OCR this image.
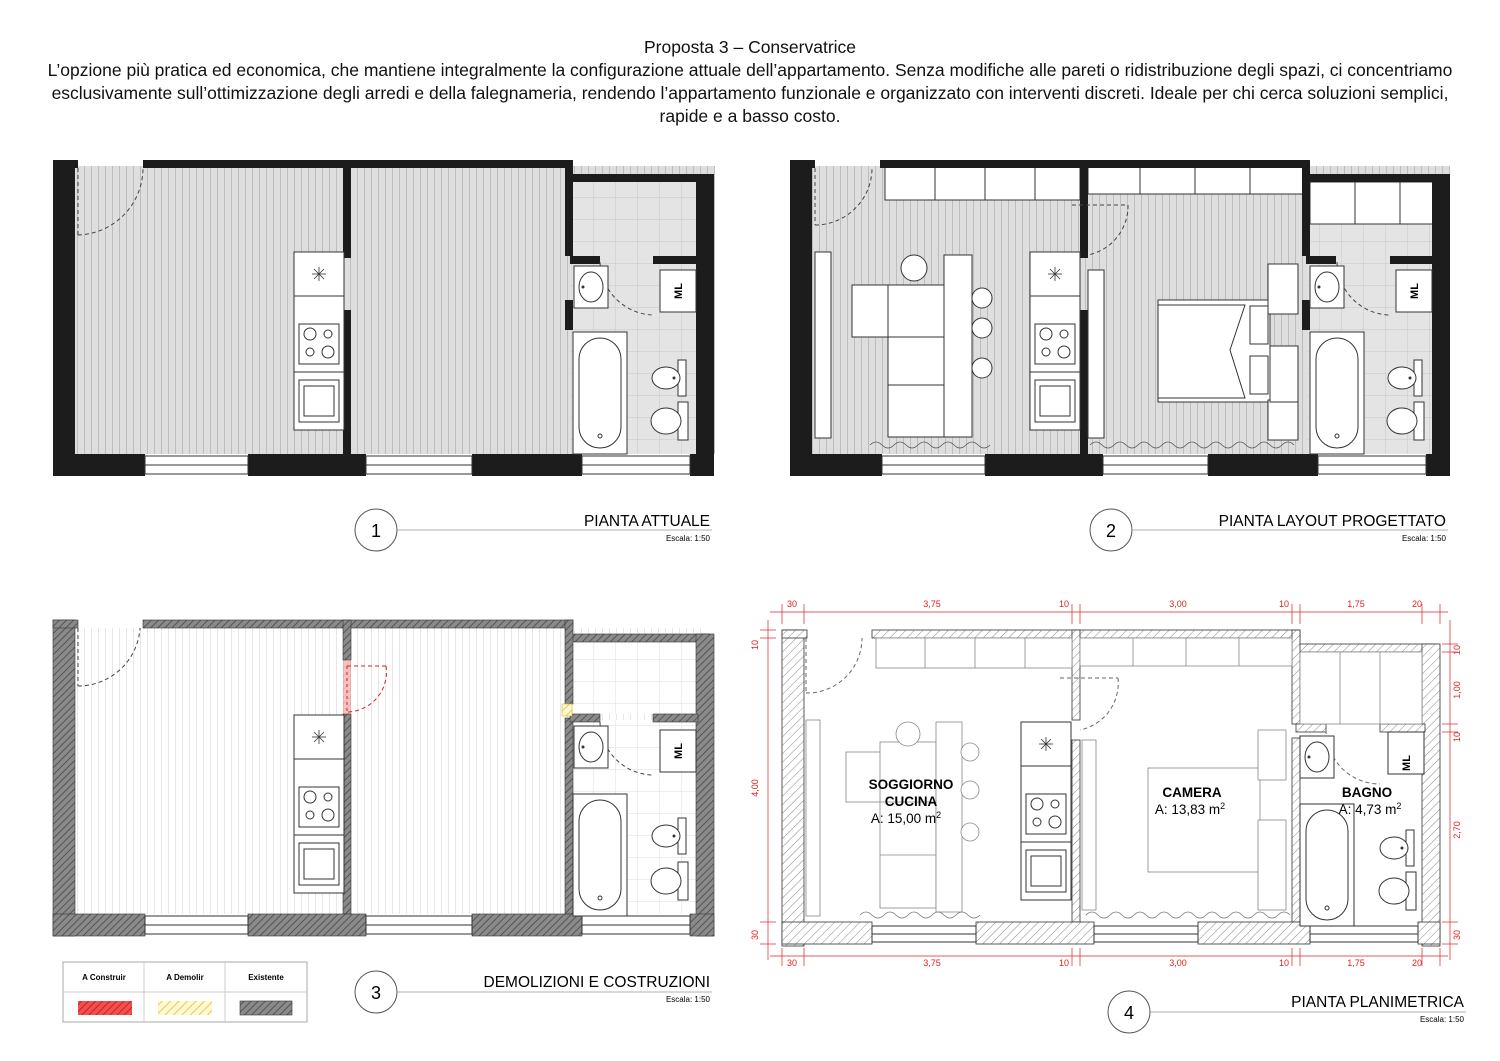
Proposta 3 – Conservatrice
L’opzione più pratica ed economica, che mantiene integralmente la configurazione attuale dell’appartamento. Senza modifiche alle pareti o ridistribuzione degli spazi, ci concentriamo esclusivamente sull’ottimizzazione degli arredi e della falegnameria, rendendo l’appartamento funzionale e organizzato con interventi discreti. Ideale per chi cerca soluzioni semplici, rapide e a basso costo.
ML	ML
ML
A Construir	A Demolir	Existente
ML
SOGGIORNO
CUCINA
A: 15,00 $m^2$
CAMERA
A: 13,83 $m^2$
BAGNO
A: 4,73 $m^2$
30	3,75	10	3,00	10	1,75	20
30	3,75	10	3,00	10	1,75	20
10
4,00
30
10
1,00
10
2,70
30
1	PIANTA ATTUALE
Escala: 1:50	2	PIANTA LAYOUT PROGETTATO
Escala: 1:50
3
DEMOLIZIONI E COSTRUZIONI
Escala: 1:50
4
PIANTA PLANIMETRICA
Escala: 1:50
